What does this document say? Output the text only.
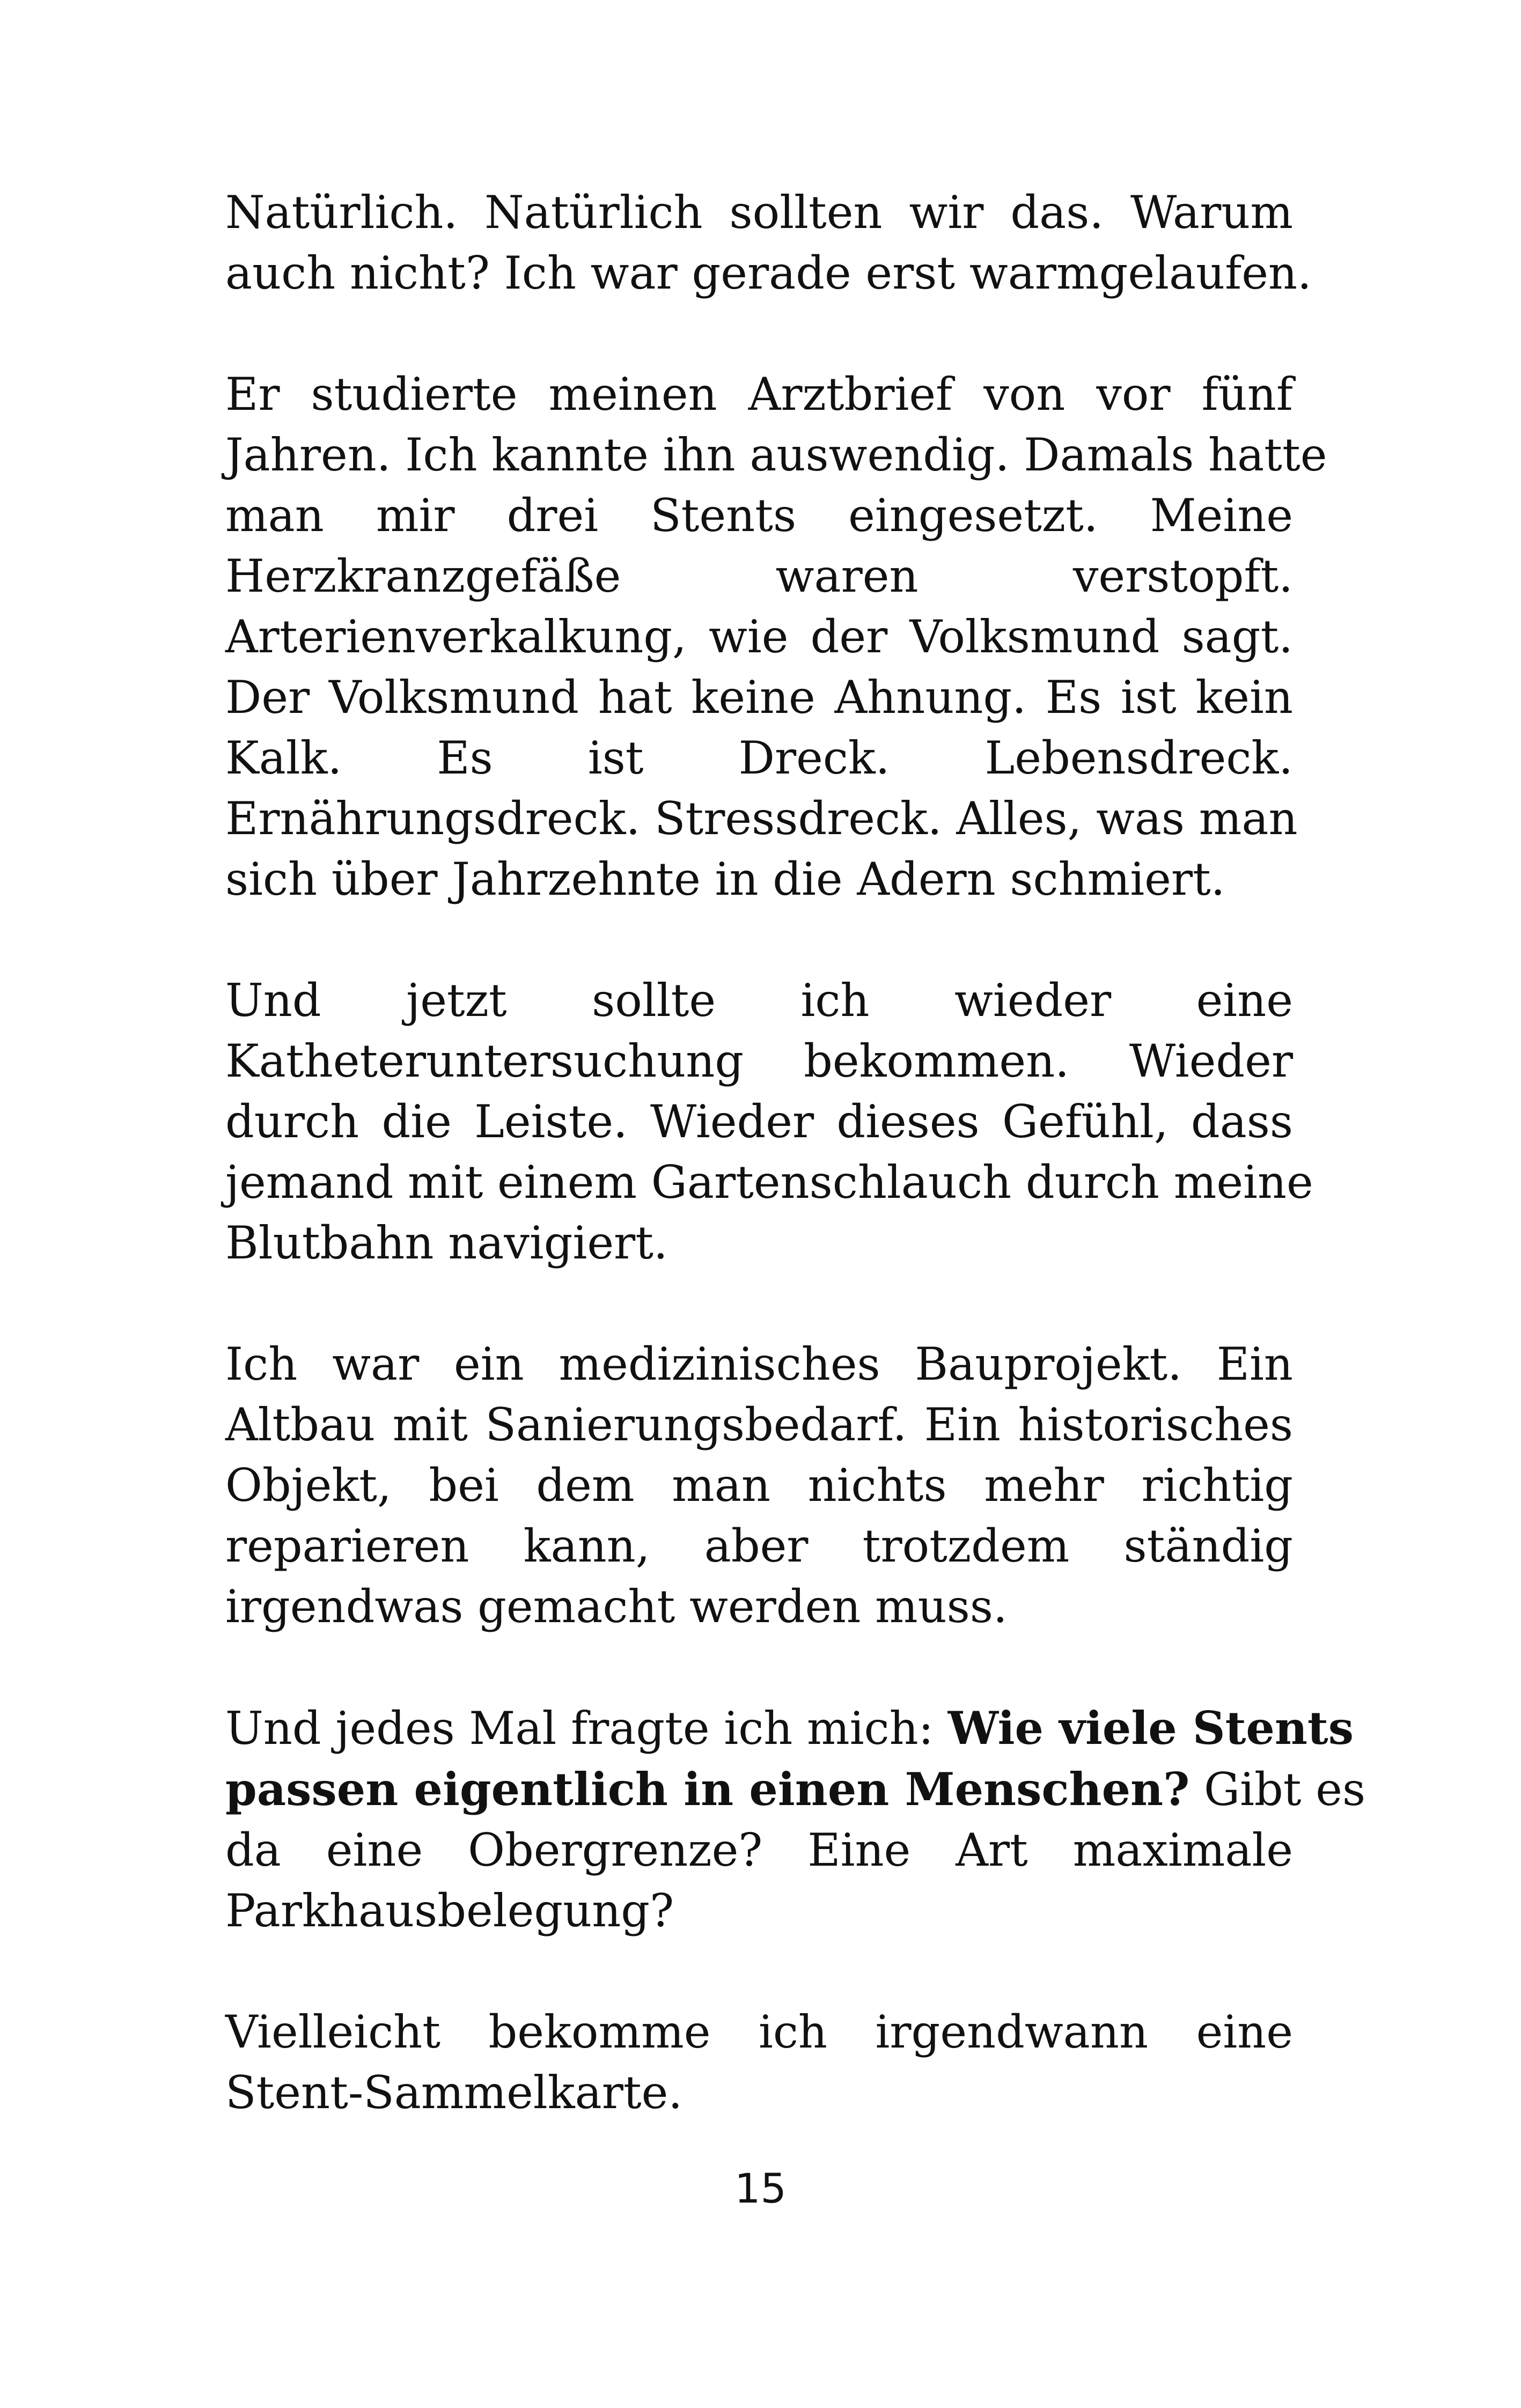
Natürlich. Natürlich sollten wir das. Warum
auch nicht? Ich war gerade erst warmgelaufen.
Er studierte meinen Arztbrief von vor fünf
Jahren. Ich kannte ihn auswendig. Damals hatte
man mir drei Stents eingesetzt. Meine
Herzkranzgefäße waren verstopft.
Arterienverkalkung, wie der Volksmund sagt.
Der Volksmund hat keine Ahnung. Es ist kein
Kalk. Es ist Dreck. Lebensdreck.
Ernährungsdreck. Stressdreck. Alles, was man
sich über Jahrzehnte in die Adern schmiert.
Und jetzt sollte ich wieder eine
Katheteruntersuchung bekommen. Wieder
durch die Leiste. Wieder dieses Gefühl, dass
jemand mit einem Gartenschlauch durch meine
Blutbahn navigiert.
Ich war ein medizinisches Bauprojekt. Ein
Altbau mit Sanierungsbedarf. Ein historisches
Objekt, bei dem man nichts mehr richtig
reparieren kann, aber trotzdem ständig
irgendwas gemacht werden muss.
Und jedes Mal fragte ich mich: Wie viele Stents
passen eigentlich in einen Menschen? Gibt es
da eine Obergrenze? Eine Art maximale
Parkhausbelegung?
Vielleicht bekomme ich irgendwann eine
Stent-Sammelkarte.
15
